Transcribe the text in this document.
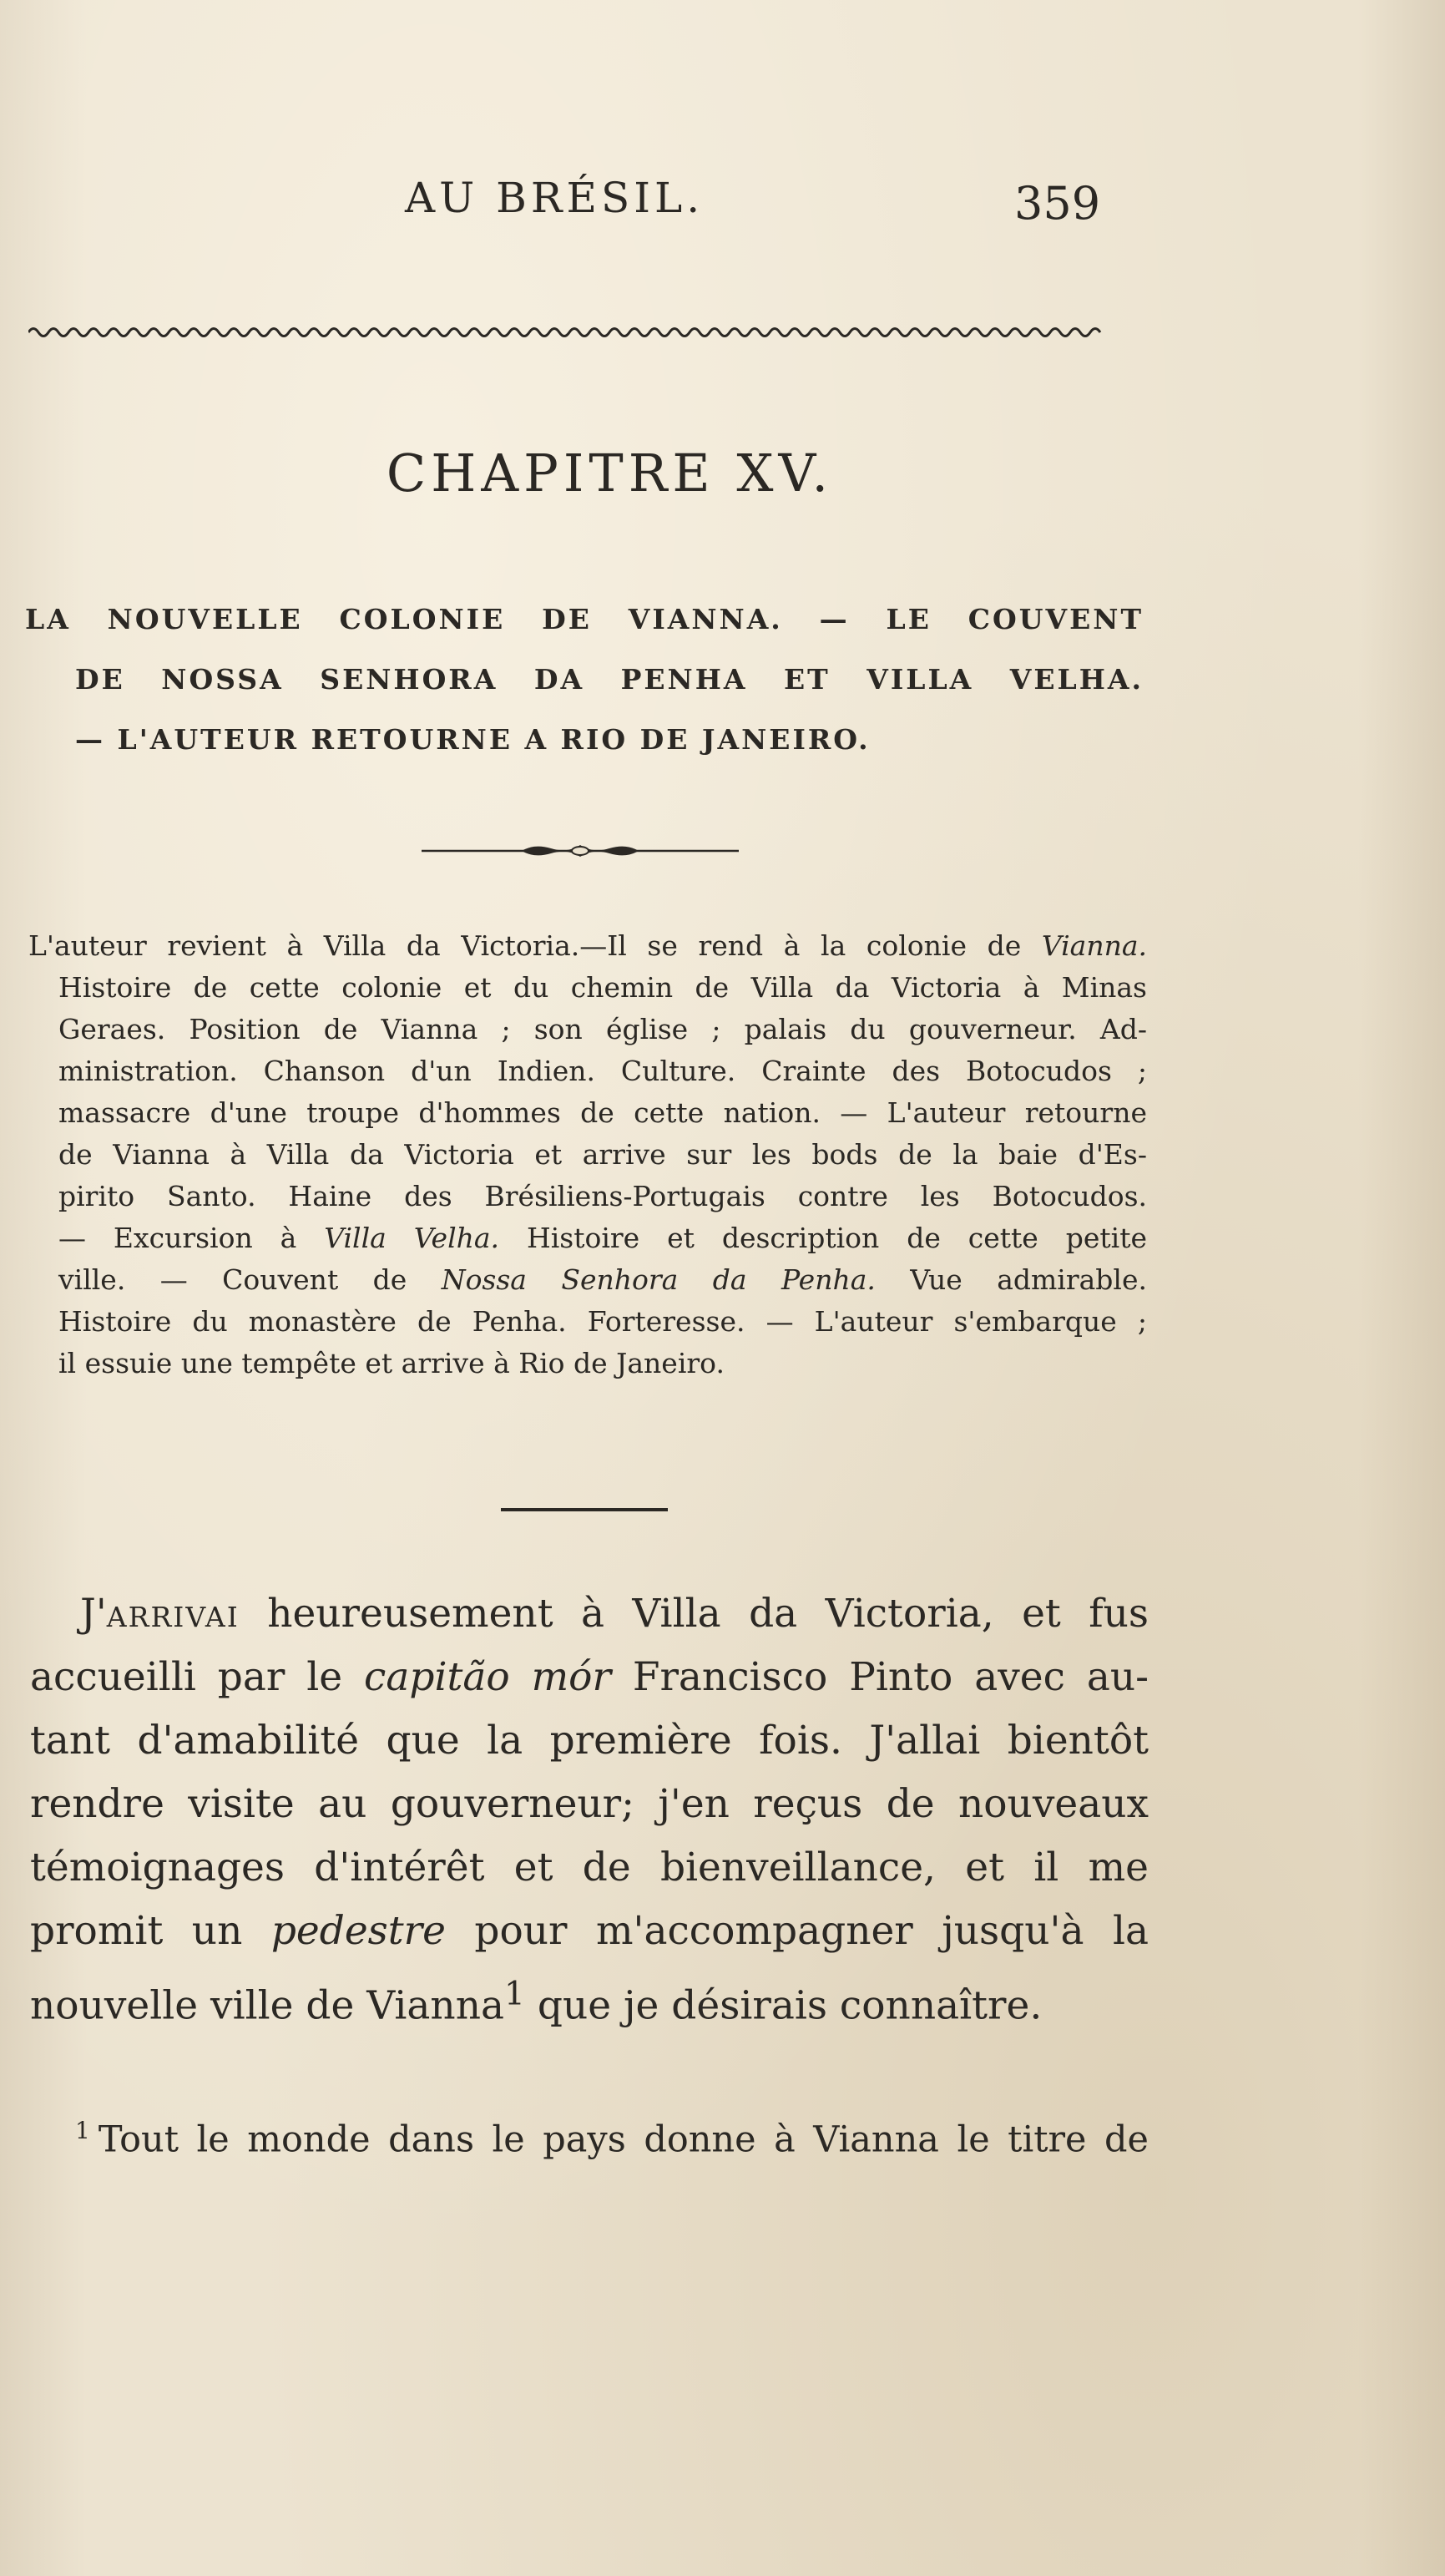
AU BRÉSIL.	359
CHAPITRE XV.
LA NOUVELLE COLONIE DE VIANNA. — LE COUVENT
DE NOSSA SENHORA DA PENHA ET VILLA VELHA.
— L'AUTEUR RETOURNE A RIO DE JANEIRO.
L'auteur revient à Villa da Victoria.—Il se rend à la colonie de Vianna.
Histoire de cette colonie et du chemin de Villa da Victoria à Minas
Geraes. Position de Vianna ; son église ; palais du gouverneur. Ad-
ministration. Chanson d'un Indien. Culture. Crainte des Botocudos ;
massacre d'une troupe d'hommes de cette nation. — L'auteur retourne
de Vianna à Villa da Victoria et arrive sur les bods de la baie d'Es-
pirito Santo. Haine des Brésiliens-Portugais contre les Botocudos.
— Excursion à Villa Velha. Histoire et description de cette petite
ville. — Couvent de Nossa Senhora da Penha. Vue admirable.
Histoire du monastère de Penha. Forteresse. — L'auteur s'embarque ;
il essuie une tempête et arrive à Rio de Janeiro.
J'arrivai heureusement à Villa da Victoria, et fus
accueilli par le capitão mór Francisco Pinto avec au-
tant d'amabilité que la première fois. J'allai bientôt
rendre visite au gouverneur; j'en reçus de nouveaux
témoignages d'intérêt et de bienveillance, et il me
promit un pedestre pour m'accompagner jusqu'à la
nouvelle ville de Vianna$^1$ que je désirais connaître.
$^1$ Tout le monde dans le pays donne à Vianna le titre de
